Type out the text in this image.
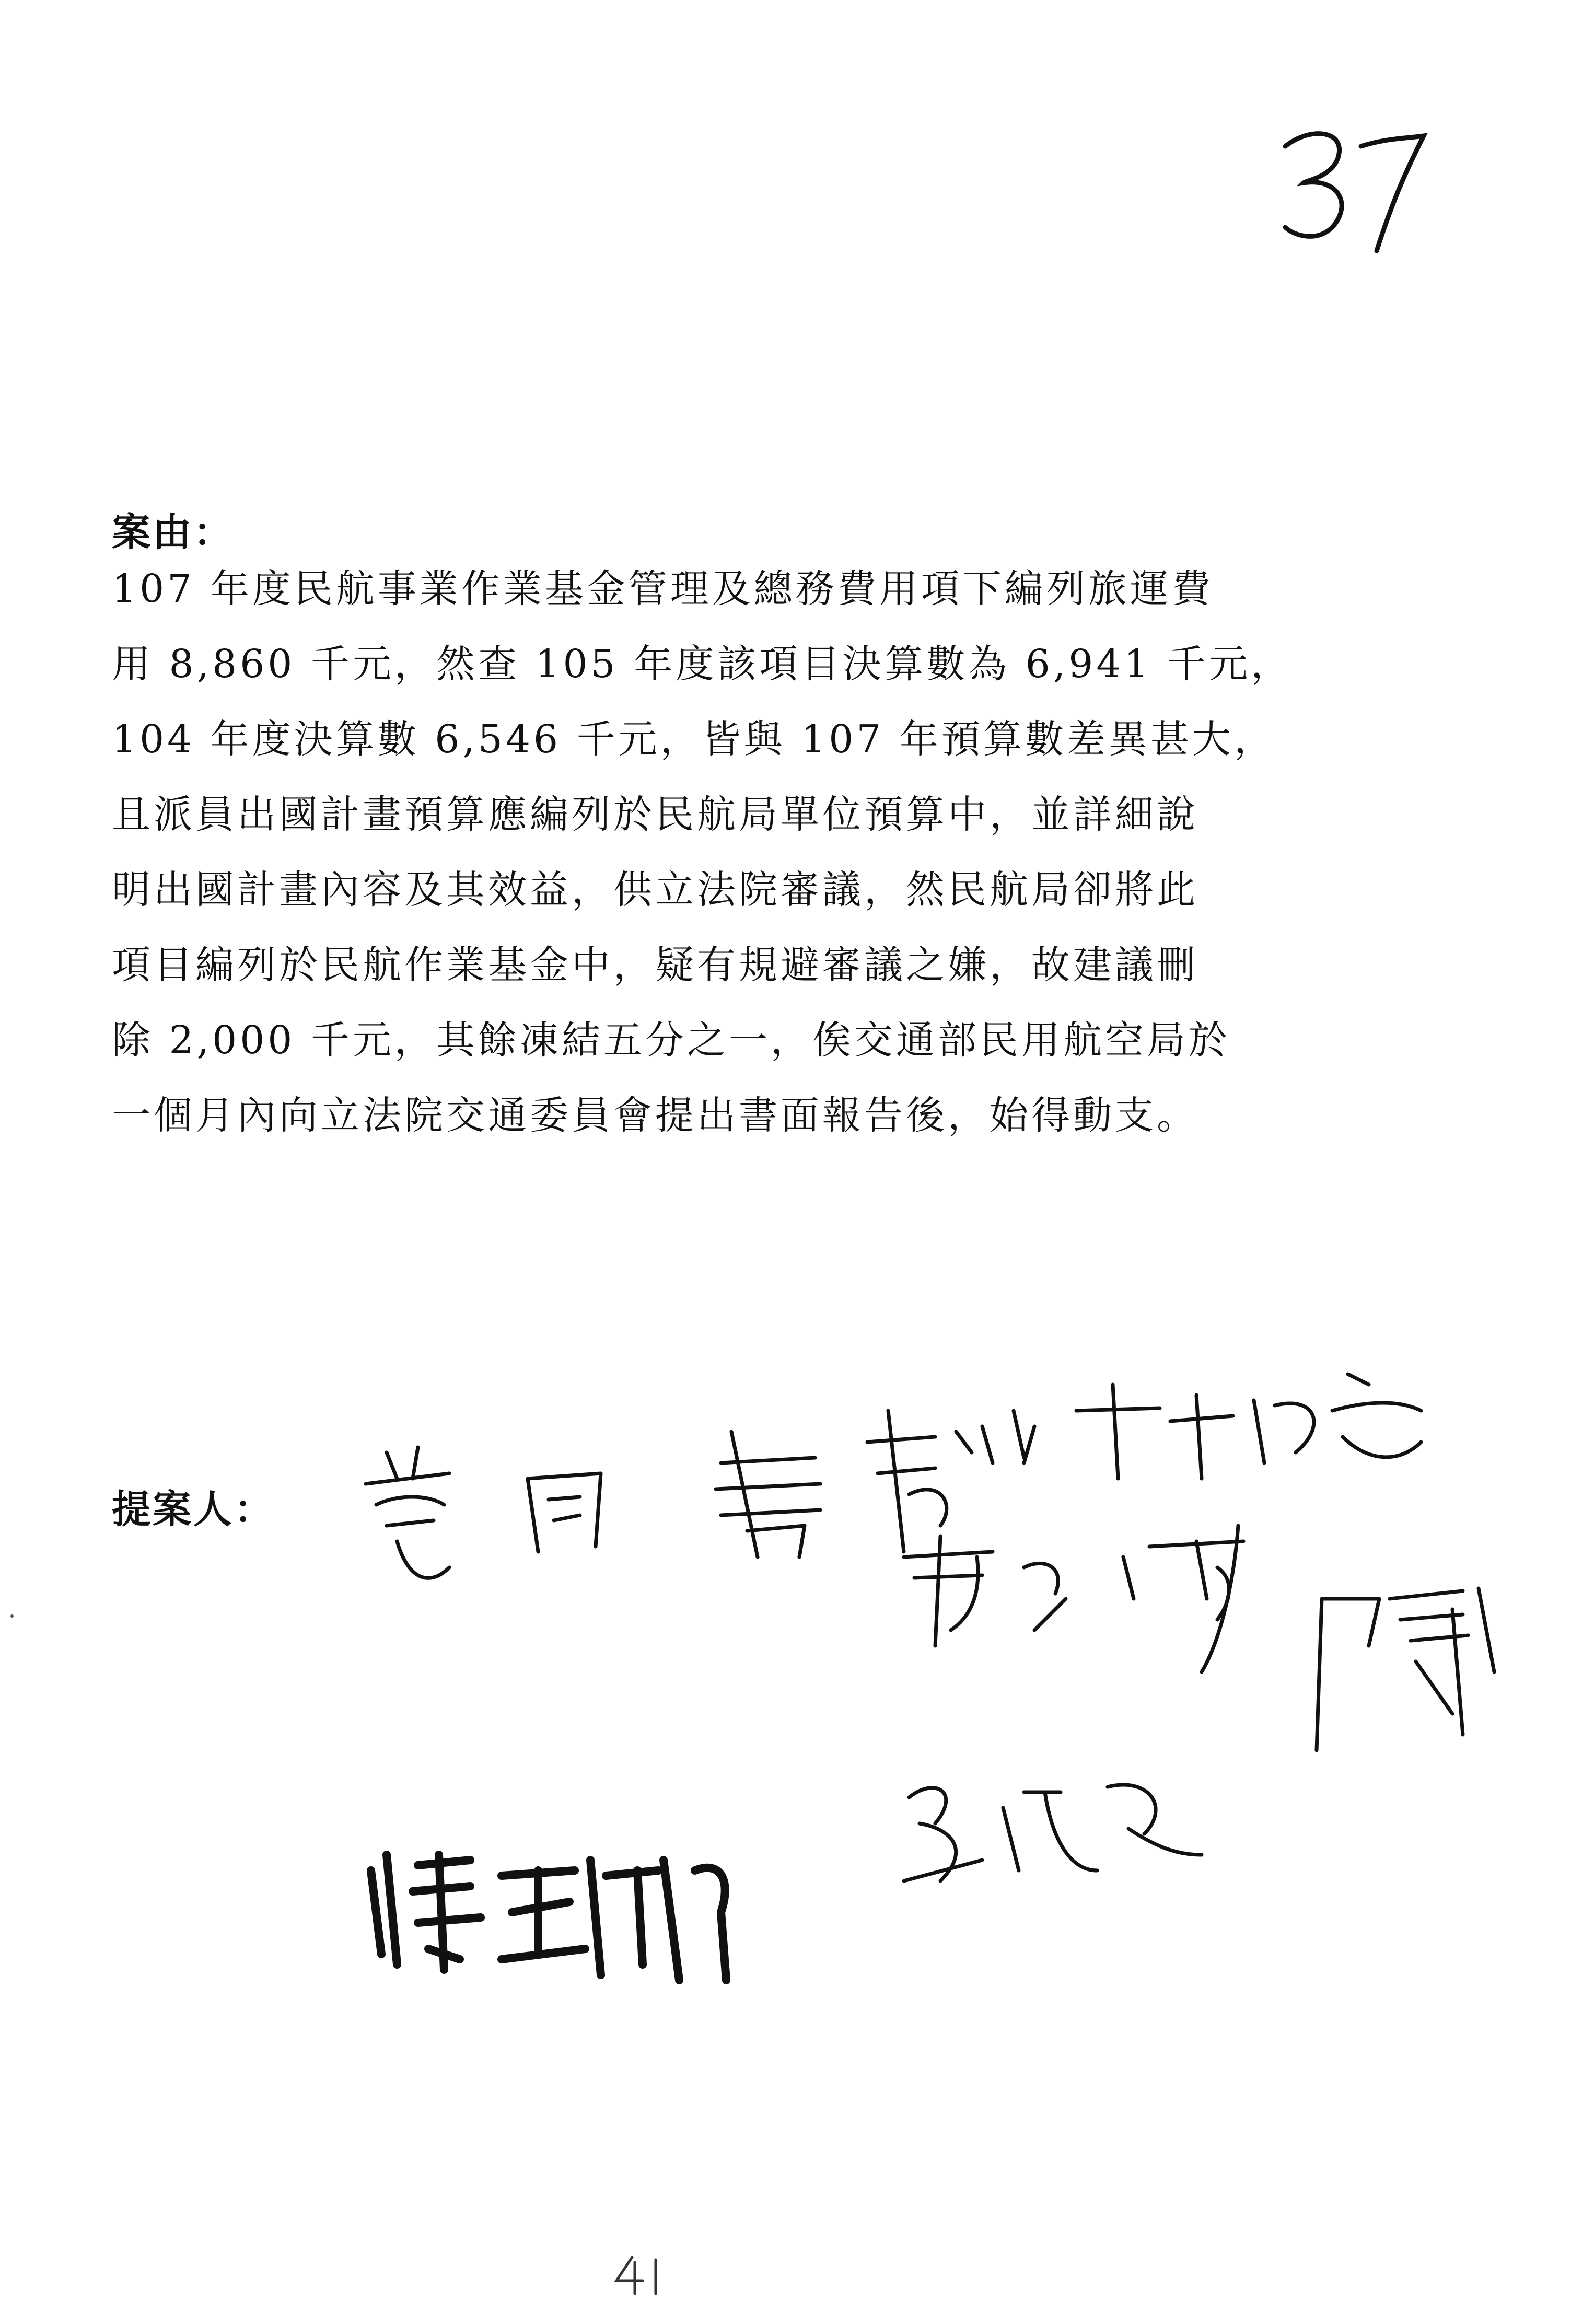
案由：
107 年度民航事業作業基金管理及總務費用項下編列旅運費
用 8,860 千元，然查 105 年度該項目決算數為 6,941 千元，
104 年度決算數 6,546 千元，皆與 107 年預算數差異甚大，
且派員出國計畫預算應編列於民航局單位預算中，並詳細說
明出國計畫內容及其效益，供立法院審議，然民航局卻將此
項目編列於民航作業基金中，疑有規避審議之嫌，故建議刪
除 2,000 千元，其餘凍結五分之一，俟交通部民用航空局於
一個月內向立法院交通委員會提出書面報告後，始得動支。
提案人：
